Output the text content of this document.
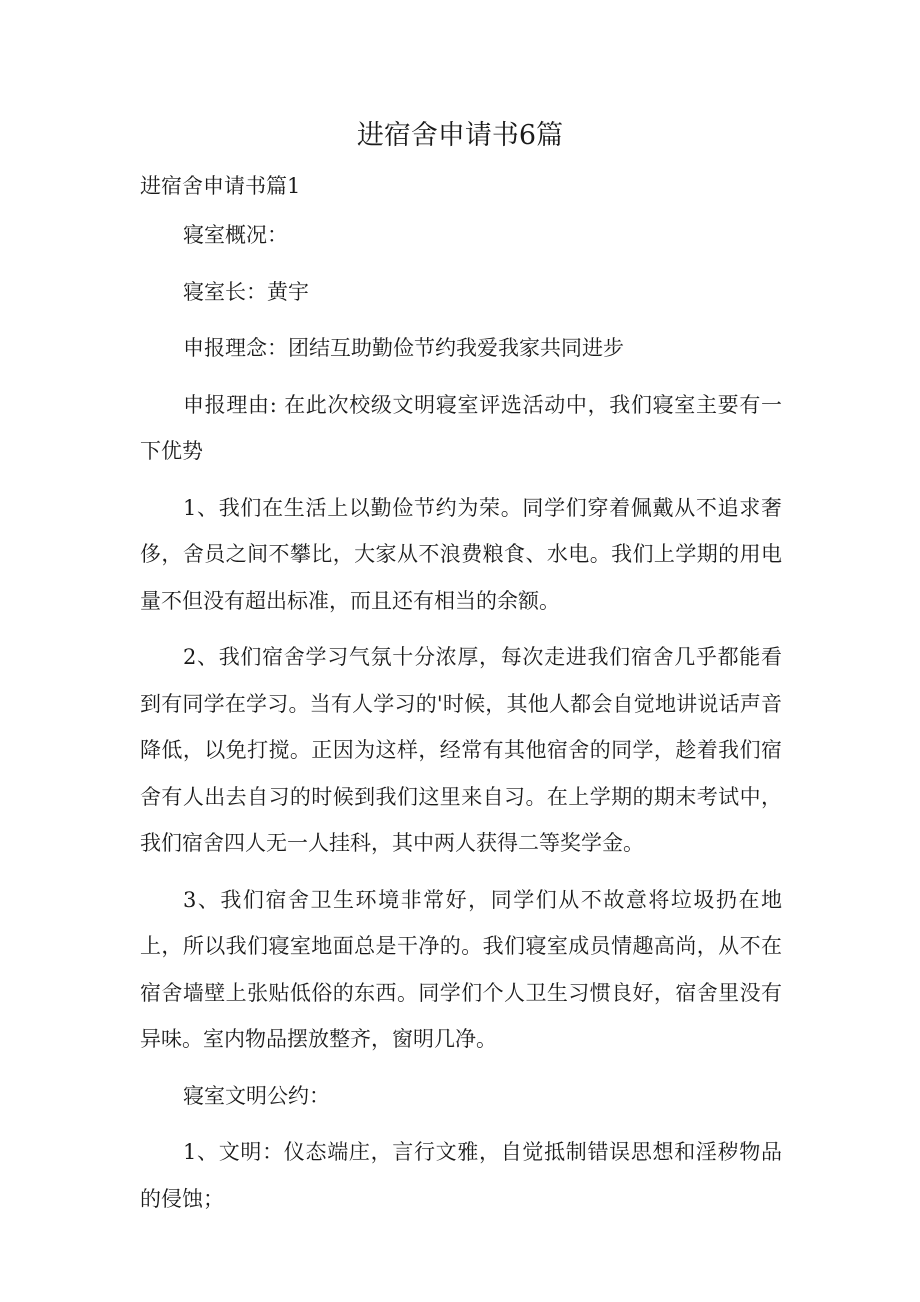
进宿舍申请书6篇
进宿舍申请书篇1

寝室概况：

寝室长：黄宇

申报理念：团结互助勤俭节约我爱我家共同进步

申报理由: 在此次校级文明寝室评选活动中，我们寝室主要有一下优势

1、我们在生活上以勤俭节约为荣。同学们穿着佩戴从不追求奢侈，舍员之间不攀比，大家从不浪费粮食、水电。我们上学期的用电量不但没有超出标准，而且还有相当的余额。

2、我们宿舍学习气氛十分浓厚，每次走进我们宿舍几乎都能看到有同学在学习。当有人学习的'时候，其他人都会自觉地讲说话声音降低，以免打搅。正因为这样，经常有其他宿舍的同学，趁着我们宿舍有人出去自习的时候到我们这里来自习。在上学期的期末考试中，我们宿舍四人无一人挂科，其中两人获得二等奖学金。

3、我们宿舍卫生环境非常好，同学们从不故意将垃圾扔在地上，所以我们寝室地面总是干净的。我们寝室成员情趣高尚，从不在宿舍墙壁上张贴低俗的东西。同学们个人卫生习惯良好，宿舍里没有异味。室内物品摆放整齐，窗明几净。

寝室文明公约：

1、文明：仪态端庄，言行文雅，自觉抵制错误思想和淫秽物品的侵蚀；
